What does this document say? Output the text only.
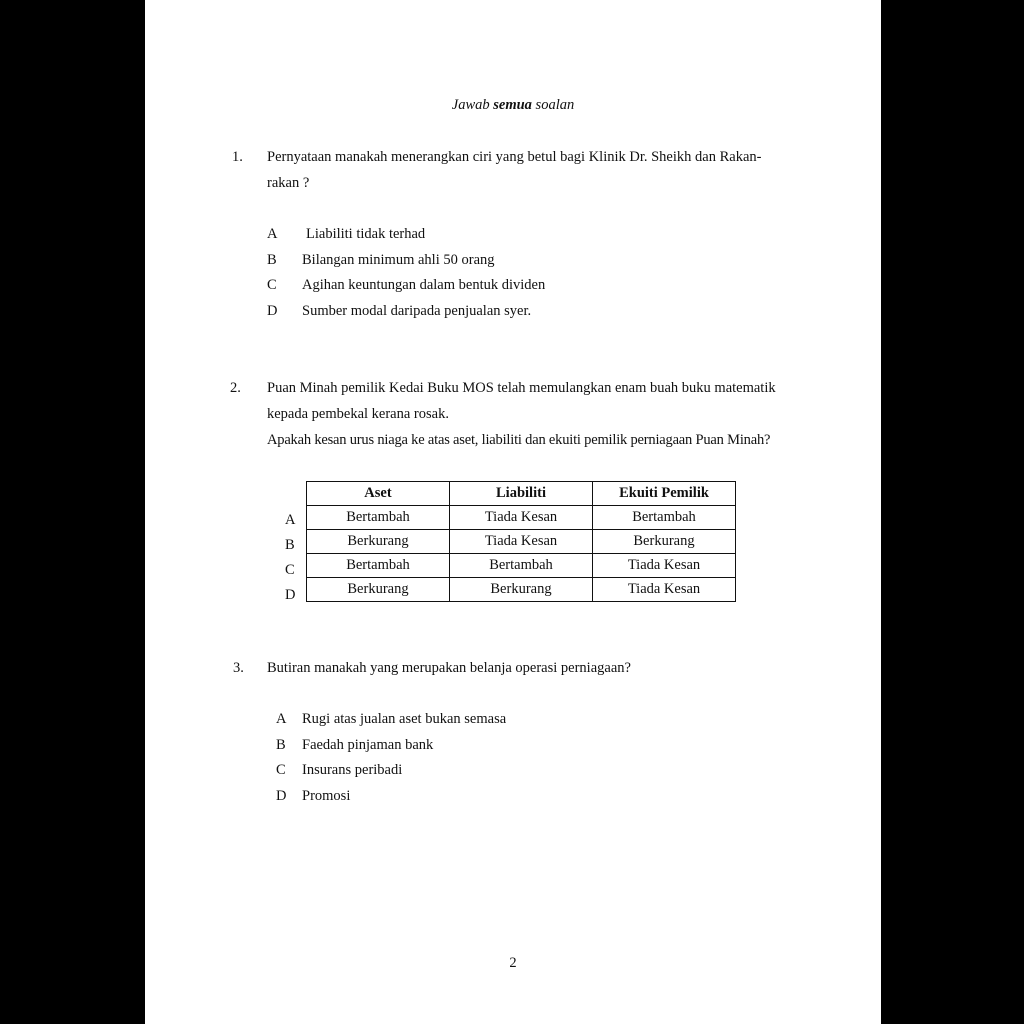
Jawab semua soalan
1. Pernyataan manakah menerangkan ciri yang betul bagi Klinik Dr. Sheikh dan Rakan-
rakan ?
A Liabiliti tidak terhad
B Bilangan minimum ahli 50 orang
C Agihan keuntungan dalam bentuk dividen
D Sumber modal daripada penjualan syer.
2. Puan Minah pemilik Kedai Buku MOS telah memulangkan enam buah buku matematik
kepada pembekal kerana rosak.
Apakah kesan urus niaga ke atas aset, liabiliti dan ekuiti pemilik perniagaan Puan Minah?
A
B
C
D
Aset	Liabiliti	Ekuiti Pemilik
Bertambah	Tiada Kesan	Bertambah
Berkurang	Tiada Kesan	Berkurang
Bertambah	Bertambah	Tiada Kesan
Berkurang	Berkurang	Tiada Kesan
3. Butiran manakah yang merupakan belanja operasi perniagaan?
A Rugi atas jualan aset bukan semasa
B Faedah pinjaman bank
C Insurans peribadi
D Promosi
2
